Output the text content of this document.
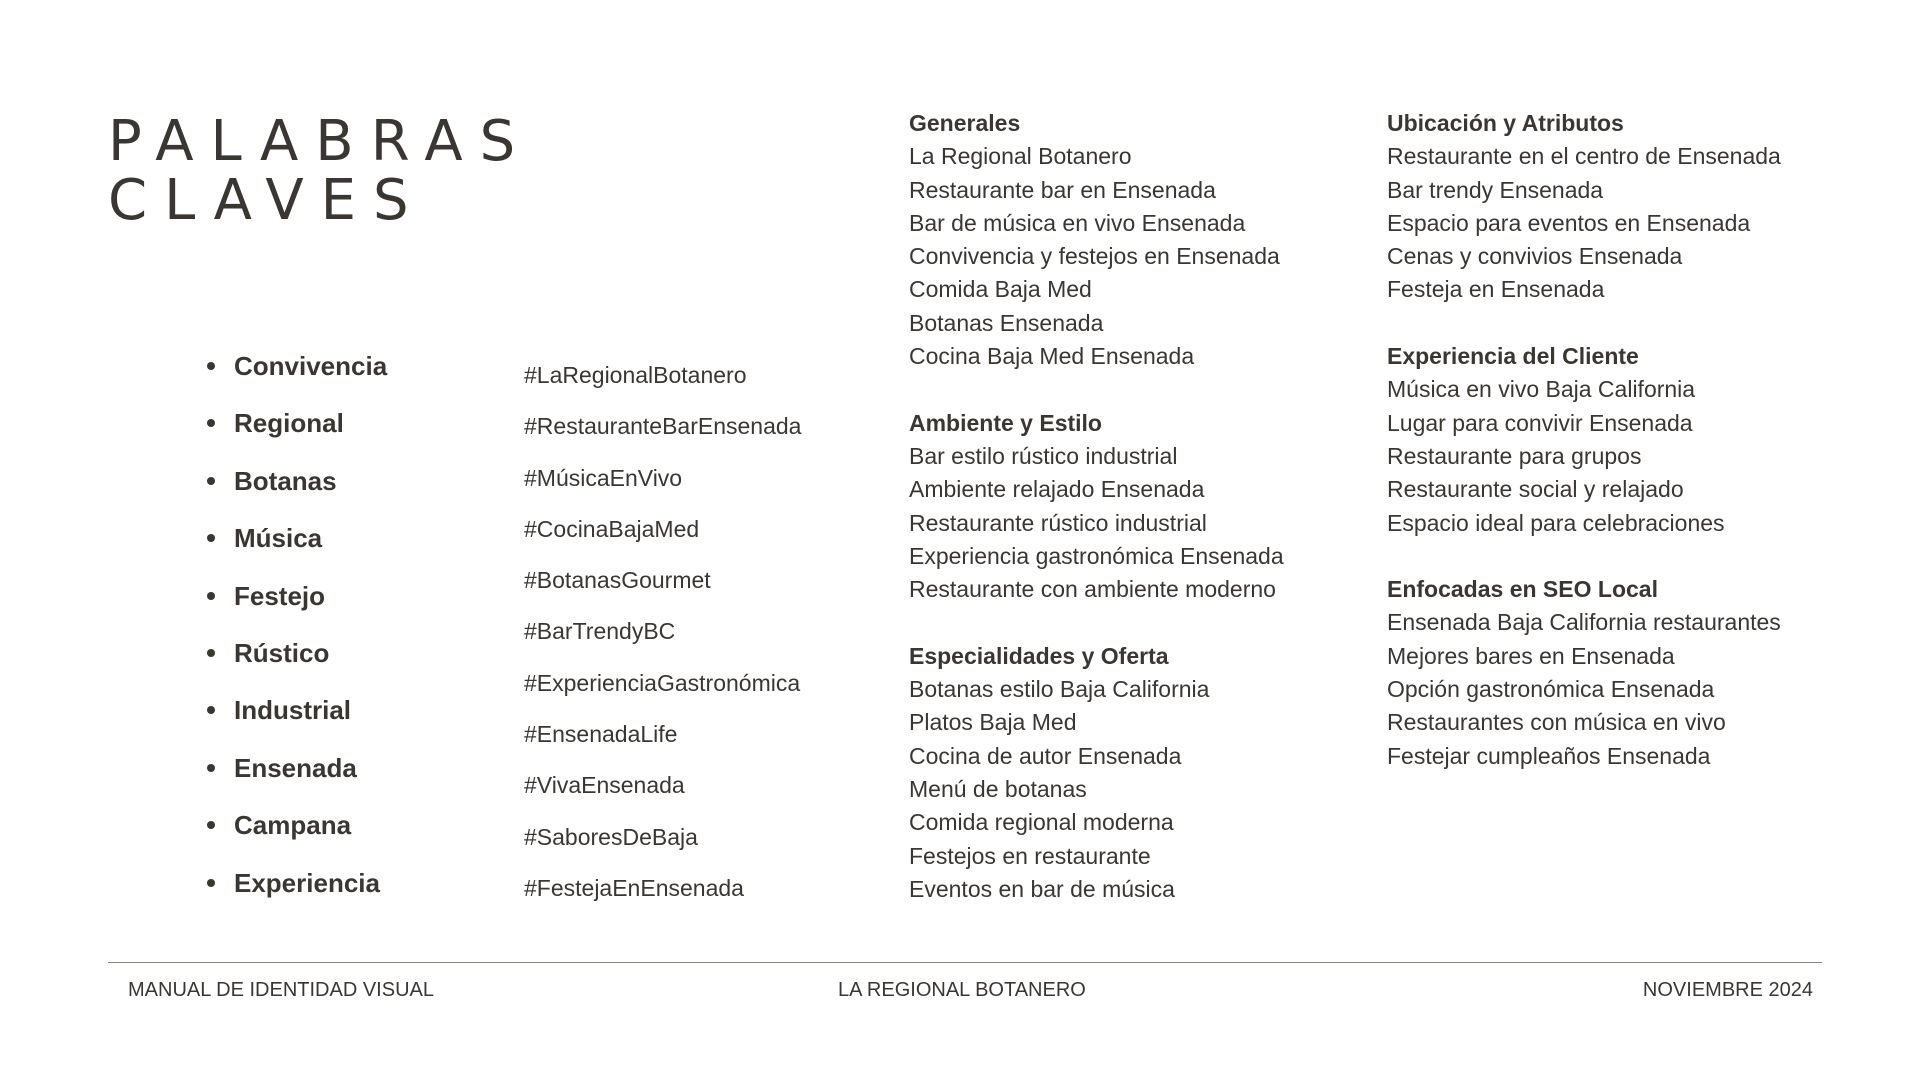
PALABRAS
CLAVES
Convivencia
Regional
Botanas
Música
Festejo
Rústico
Industrial
Ensenada
Campana
Experiencia
#LaRegionalBotanero
#RestauranteBarEnsenada
#MúsicaEnVivo
#CocinaBajaMed
#BotanasGourmet
#BarTrendyBC
#ExperienciaGastronómica
#EnsenadaLife
#VivaEnsenada
#SaboresDeBaja
#FestejaEnEnsenada
Generales
La Regional Botanero
Restaurante bar en Ensenada
Bar de música en vivo Ensenada
Convivencia y festejos en Ensenada
Comida Baja Med
Botanas Ensenada
Cocina Baja Med Ensenada
Ambiente y Estilo
Bar estilo rústico industrial
Ambiente relajado Ensenada
Restaurante rústico industrial
Experiencia gastronómica Ensenada
Restaurante con ambiente moderno
Especialidades y Oferta
Botanas estilo Baja California
Platos Baja Med
Cocina de autor Ensenada
Menú de botanas
Comida regional moderna
Festejos en restaurante
Eventos en bar de música
Ubicación y Atributos
Restaurante en el centro de Ensenada
Bar trendy Ensenada
Espacio para eventos en Ensenada
Cenas y convivios Ensenada
Festeja en Ensenada
Experiencia del Cliente
Música en vivo Baja California
Lugar para convivir Ensenada
Restaurante para grupos
Restaurante social y relajado
Espacio ideal para celebraciones
Enfocadas en SEO Local
Ensenada Baja California restaurantes
Mejores bares en Ensenada
Opción gastronómica Ensenada
Restaurantes con música en vivo
Festejar cumpleaños Ensenada
MANUAL DE IDENTIDAD VISUAL	LA REGIONAL BOTANERO	NOVIEMBRE 2024
